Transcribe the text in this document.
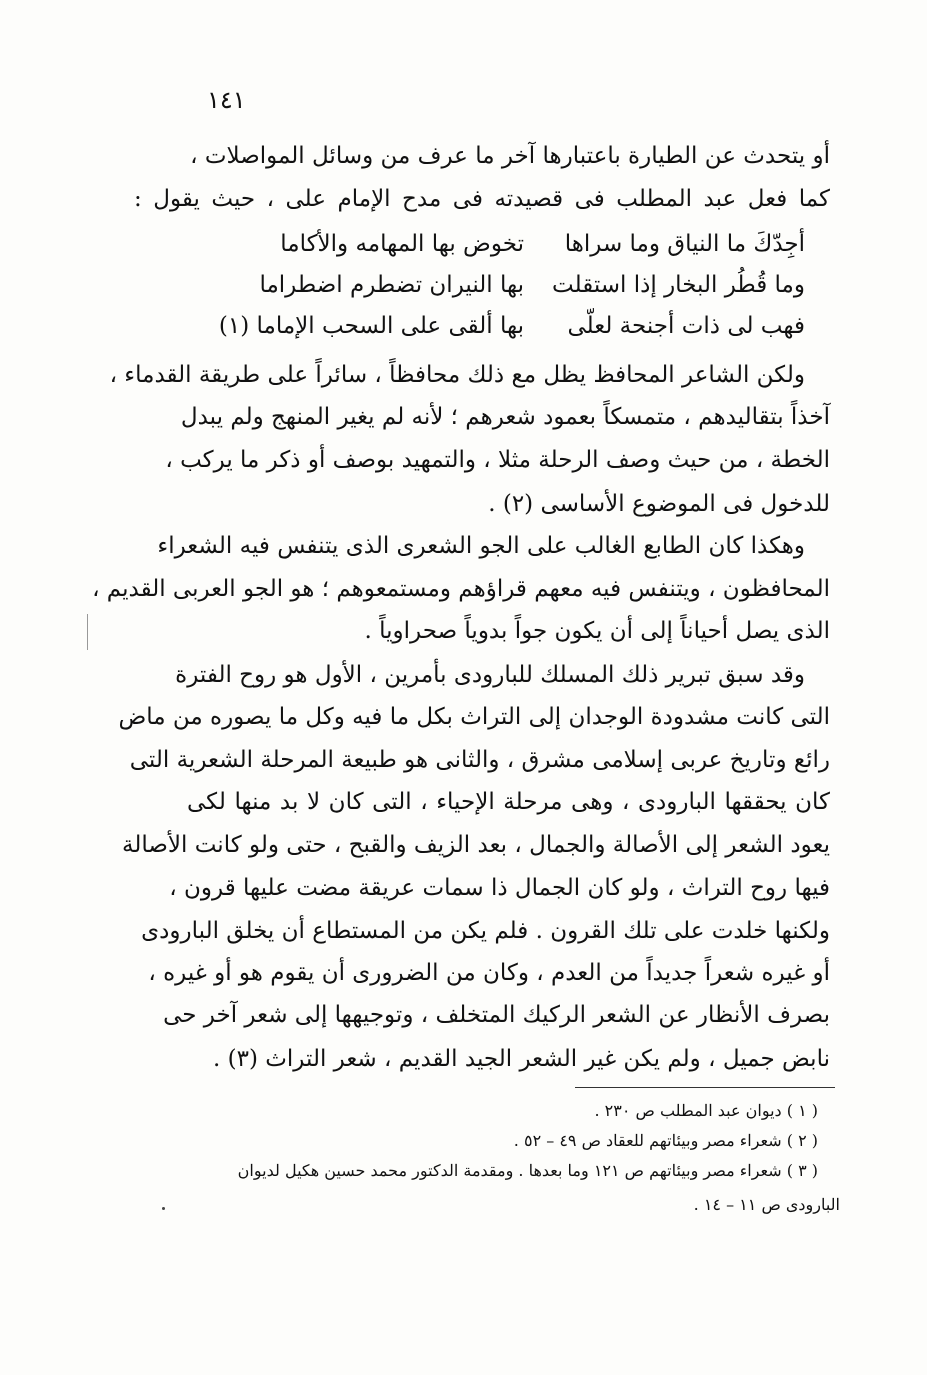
١٤١
أو يتحدث عن الطيارة باعتبارها آخر ما عرف من وسائل المواصلات ،
كما فعل عبد المطلب فى قصيدته فى مدح الإمام على ، حيث يقول :
أجِدّكَ ما النياق وما سراها
تخوض بها المهامه والأكاما
وما قُطُر البخار إذا استقلت
بها النيران تضطرم اضطراما
فهب لى ذات أجنحة لعلّى
بها ألقى على السحب الإماما (١)
ولكن الشاعر المحافظ يظل مع ذلك محافظاً ، سائراً على طريقة القدماء ،
آخذاً بتقاليدهم ، متمسكاً بعمود شعرهم ؛ لأنه لم يغير المنهج ولم يبدل
الخطة ، من حيث وصف الرحلة مثلا ، والتمهيد بوصف أو ذكر ما يركب ،
للدخول فى الموضوع الأساسى (٢) .
وهكذا كان الطابع الغالب على الجو الشعرى الذى يتنفس فيه الشعراء
المحافظون ، ويتنفس فيه معهم قراؤهم ومستمعوهم ؛ هو الجو العربى القديم ،
الذى يصل أحياناً إلى أن يكون جواً بدوياً صحراوياً .
وقد سبق تبرير ذلك المسلك للبارودى بأمرين ، الأول هو روح الفترة
التى كانت مشدودة الوجدان إلى التراث بكل ما فيه وكل ما يصوره من ماض
رائع وتاريخ عربى إسلامى مشرق ، والثانى هو طبيعة المرحلة الشعرية التى
كان يحققها البارودى ، وهى مرحلة الإحياء ، التى كان لا بد منها لكى
يعود الشعر إلى الأصالة والجمال ، بعد الزيف والقبح ، حتى ولو كانت الأصالة
فيها روح التراث ، ولو كان الجمال ذا سمات عريقة مضت عليها قرون ،
ولكنها خلدت على تلك القرون . فلم يكن من المستطاع أن يخلق البارودى
أو غيره شعراً جديداً من العدم ، وكان من الضرورى أن يقوم هو أو غيره ،
بصرف الأنظار عن الشعر الركيك المتخلف ، وتوجيهها إلى شعر آخر حى
نابض جميل ، ولم يكن غير الشعر الجيد القديم ، شعر التراث (٣) .
( ١ ) ديوان عبد المطلب ص ٢٣٠ .
( ٢ ) شعراء مصر وبيئاتهم للعقاد ص ٤٩ – ٥٢ .
( ٣ ) شعراء مصر وبيئاتهم ص ١٢١ وما بعدها . ومقدمة الدكتور محمد حسين هكيل لديوان
البارودى ص ١١ – ١٤ .
